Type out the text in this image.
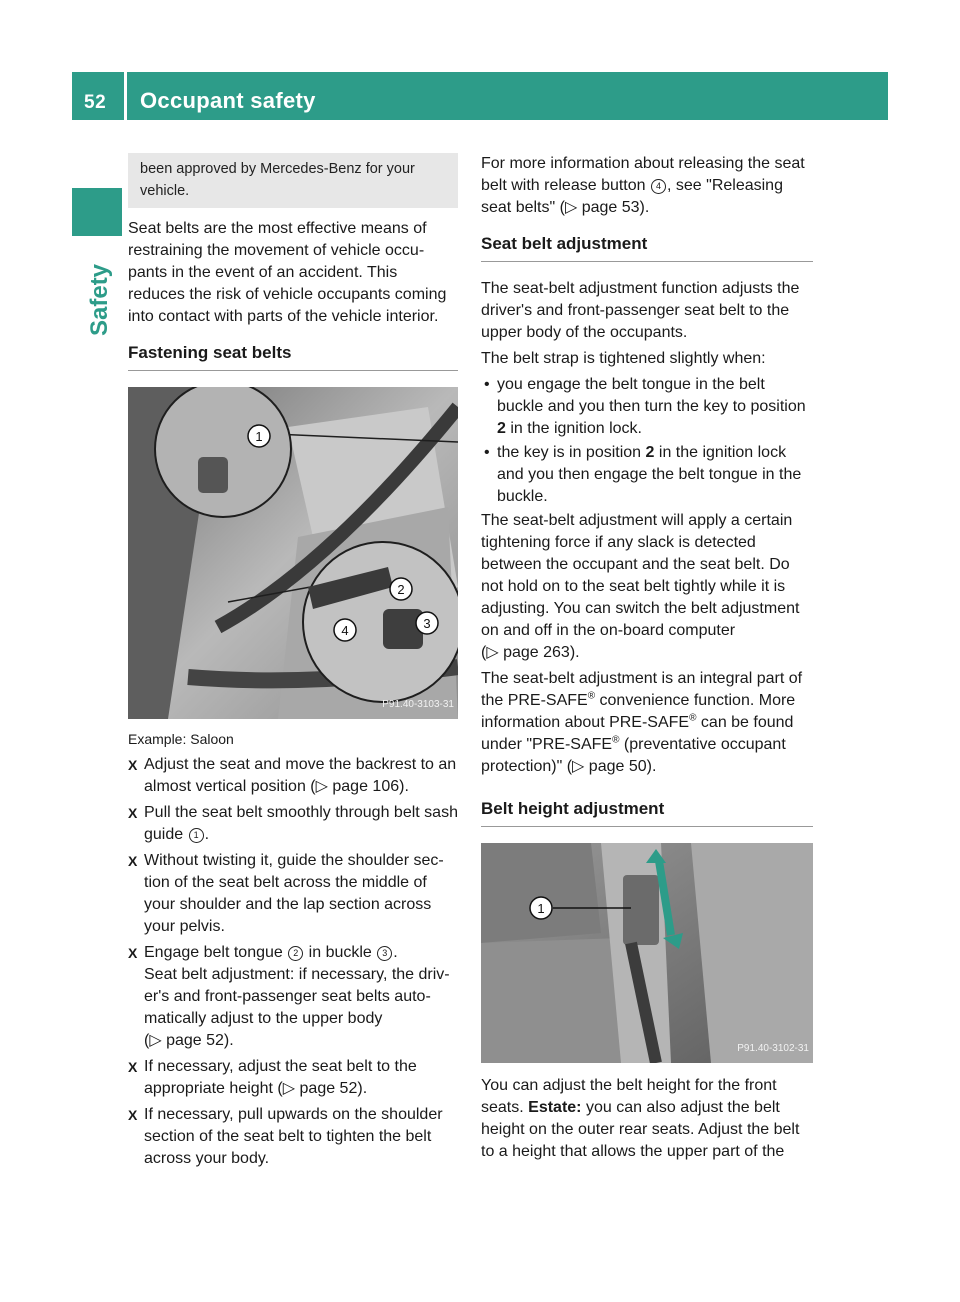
52 Occupant safety
Safety
been approved by Mercedes-Benz for your vehicle.

Seat belts are the most effective means of restraining the movement of vehicle occu-pants in the event of an accident. This reduces the risk of vehicle occupants coming into contact with parts of the vehicle interior.

Fastening seat belts
1
2
3
4
P91.40-3103-31
Example: Saloon
X Adjust the seat and move the backrest to an almost vertical position (▷ page 106).
X Pull the seat belt smoothly through belt sash guide 1 .
X Without twisting it, guide the shoulder sec-tion of the seat belt across the middle of your shoulder and the lap section across your pelvis.
X Engage belt tongue 2 in buckle 3 .
Seat belt adjustment: if necessary, the driv-er's and front-passenger seat belts auto-matically adjust to the upper body
(▷ page 52).
X If necessary, adjust the seat belt to the appropriate height (▷ page 52).
X If necessary, pull upwards on the shoulder section of the seat belt to tighten the belt across your body.

For more information about releasing the seat belt with release button 4 , see "Releasing seat belts" (▷ page 53).

Seat belt adjustment

The seat-belt adjustment function adjusts the driver's and front-passenger seat belt to the upper body of the occupants.

The belt strap is tightened slightly when:

• you engage the belt tongue in the belt buckle and you then turn the key to position 2 in the ignition lock.
• the key is in position 2 in the ignition lock and you then engage the belt tongue in the buckle.

The seat-belt adjustment will apply a certain tightening force if any slack is detected between the occupant and the seat belt. Do not hold on to the seat belt tightly while it is adjusting. You can switch the belt adjustment on and off in the on-board computer (▷ page 263).

The seat-belt adjustment is an integral part of the PRE-SAFE® convenience function. More information about PRE-SAFE® can be found under "PRE-SAFE® (preventative occupant protection)" (▷ page 50).

Belt height adjustment
1
P91.40-3102-31

You can adjust the belt height for the front seats. Estate: you can also adjust the belt height on the outer rear seats. Adjust the belt to a height that allows the upper part of the
